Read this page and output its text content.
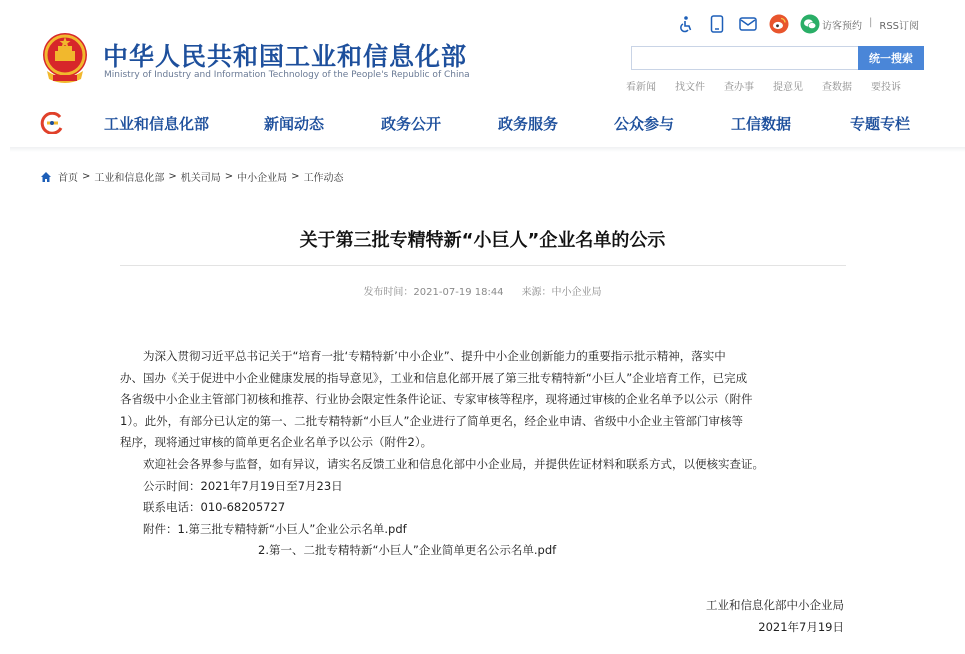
中华人民共和国工业和信息化部
Ministry of Industry and Information Technology of the People's Republic of China
访客预约 | RSS订阅
统一搜索
看新闻 找文件 查办事 提意见 查数据 要投诉
工业和信息化部	新闻动态	政务公开	政务服务	公众参与	工信数据	专题专栏
首页 > 工业和信息化部 > 机关司局 > 中小企业局 > 工作动态
关于第三批专精特新“小巨人”企业名单的公示
发布时间：2021-07-19 18:44 来源：中小企业局

为深入贯彻习近平总书记关于“培育一批‘专精特新’中小企业”、提升中小企业创新能力的重要指示批示精神，落实中

办、国办《关于促进中小企业健康发展的指导意见》，工业和信息化部开展了第三批专精特新“小巨人”企业培育工作，已完成

各省级中小企业主管部门初核和推荐、行业协会限定性条件论证、专家审核等程序，现将通过审核的企业名单予以公示（附件

1）。此外，有部分已认定的第一、二批专精特新“小巨人”企业进行了简单更名，经企业申请、省级中小企业主管部门审核等

程序，现将通过审核的简单更名企业名单予以公示（附件2）。

欢迎社会各界参与监督，如有异议，请实名反馈工业和信息化部中小企业局，并提供佐证材料和联系方式，以便核实查证。

公示时间：2021年7月19日至7月23日

联系电话：010-68205727

附件：1.第三批专精特新“小巨人”企业公示名单.pdf

2.第一、二批专精特新“小巨人”企业简单更名公示名单.pdf

工业和信息化部中小企业局
2021年7月19日
